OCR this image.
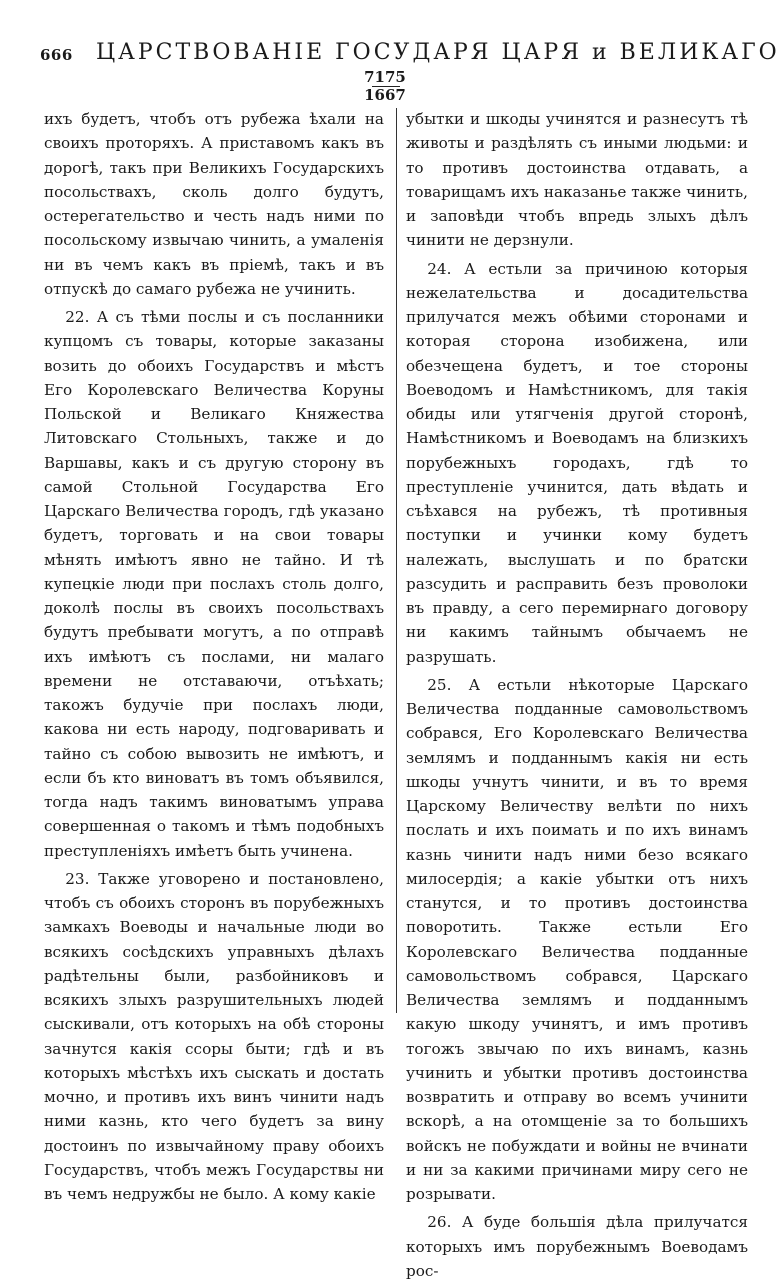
666 ЦАРСТВОВАНІЕ ГОСУДАРЯ ЦАРЯ и ВЕЛИКАГО
7175
1667

ихъ будетъ, чтобъ отъ рубежа ѣхали на своихъ проторяхъ. А приставомъ какъ въ дорогѣ, такъ при Великихъ Государскихъ посольствахъ, сколь долго будутъ, остерегательство и честь надъ ними по посольскому извычаю чинить, а умаленія ни въ чемъ какъ въ пріемѣ, такъ и въ отпускѣ до самаго рубежа не учинить.

22. А съ тѣми послы и съ посланники купцомъ съ товары, которые заказаны возить до обоихъ Государствъ и мѣстъ Его Королевскаго Величества Коруны Польской и Великаго Княжества Литовскаго Стольныхъ, также и до Варшавы, какъ и съ другую сторону въ самой Стольной Государства Его Царскаго Величества городъ, гдѣ указано будетъ, торговать и на свои товары мѣнять имѣютъ явно не тайно. И тѣ купецкіе люди при послахъ столь долго, доколѣ послы въ своихъ посольствахъ будутъ пребывати могутъ, а по отправѣ ихъ имѣютъ съ послами, ни малаго времени не отставаючи, отъѣхать; такожъ будучіе при послахъ люди, какова ни есть народу, подговаривать и тайно съ собою вывозить не имѣютъ, и если бъ кто виноватъ въ томъ объявился, тогда надъ такимъ виноватымъ управа совершенная о такомъ и тѣмъ подобныхъ преступленіяхъ имѣетъ быть учинена.

23. Также уговорено и постановлено, чтобъ съ обоихъ сторонъ въ порубежныхъ замкахъ Воеводы и начальные люди во всякихъ сосѣдскихъ управныхъ дѣлахъ радѣтельны были, разбойниковъ и всякихъ злыхъ разрушительныхъ людей сыскивали, отъ которыхъ на обѣ стороны зачнутся какія ссоры быти; гдѣ и въ которыхъ мѣстѣхъ ихъ сыскать и достать мочно, и противъ ихъ винъ чинити надъ ними казнь, кто чего будетъ за вину достоинъ по извычайному праву обоихъ Государствъ, чтобъ межъ Государствы ни въ чемъ недружбы не было. А кому какіе

убытки и шкоды учинятся и разнесутъ тѣ животы и раздѣлять съ иными людьми: и то противъ достоинства отдавать, а товарищамъ ихъ наказанье также чинить, и заповѣди чтобъ впредь злыхъ дѣлъ чинити не дерзнули.

24. А естьли за причиною которыя нежелательства и досадительства прилучатся межъ обѣими сторонами и которая сторона изобижена, или обезчещена будетъ, и тое стороны Воеводомъ и Намѣстникомъ, для такія обиды или утягченія другой сторонѣ, Намѣстникомъ и Воеводамъ на близкихъ порубежныхъ городахъ, гдѣ то преступленіе учинится, дать вѣдать и съѣхався на рубежъ, тѣ противныя поступки и учинки кому будетъ належать, выслушать и по братски разсудить и расправить безъ проволоки въ правду, а сего перемирнаго договору ни какимъ тайнымъ обычаемъ не разрушать.

25. А естьли нѣкоторые Царскаго Величества подданные самовольствомъ собрався, Его Королевскаго Величества землямъ и подданнымъ какія ни есть шкоды учнутъ чинити, и въ то время Царскому Величеству велѣти по нихъ послать и ихъ поимать и по ихъ винамъ казнь чинити надъ ними безо всякаго милосердія; а какіе убытки отъ нихъ станутся, и то противъ достоинства поворотить. Также естьли Его Королевскаго Величества подданные самовольствомъ собрався, Царскаго Величества землямъ и подданнымъ какую шкоду учинятъ, и имъ противъ тогожъ звычаю по ихъ винамъ, казнь учинить и убытки противъ достоинства возвратить и отправу во всемъ учинити вскорѣ, а на отомщеніе за то большихъ войскъ не побуждати и войны не вчинати и ни за какими причинами миру сего не розрывати.

26. А буде большія дѣла прилучатся которыхъ имъ порубежнымъ Воеводамъ рос-
